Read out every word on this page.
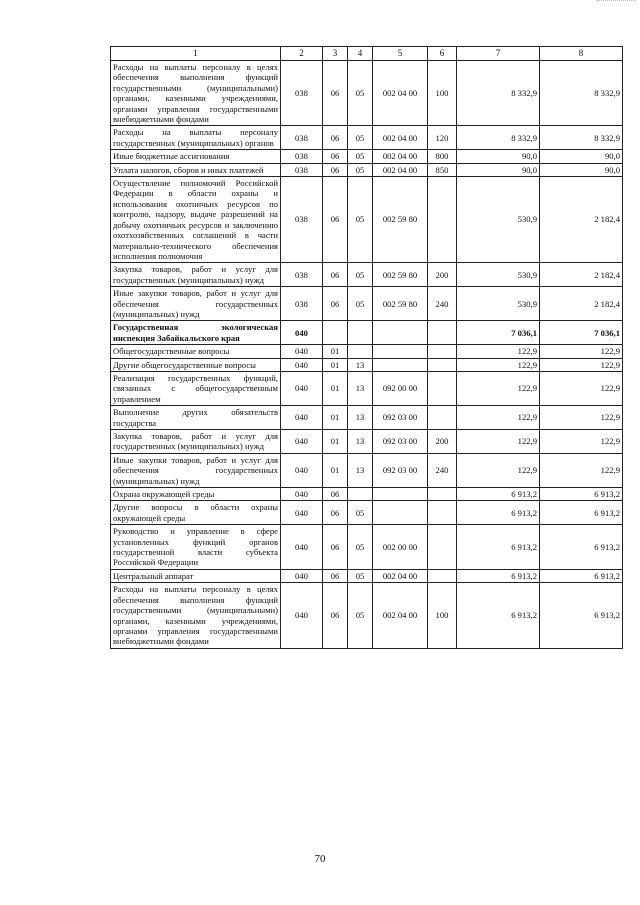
1	2	3	4	5	6	7	8
Расходы на выплаты персоналу в целях обеспечения выполнения функций государственными (муниципальными) органами, казенными учреждениями, органами управления государственными внебюджетными фондами	038	06	05	002 04 00	100	8 332,9	8 332,9
Расходы на выплаты персоналу государственных (муниципальных) органов	038	06	05	002 04 00	120	8 332,9	8 332,9
Иные бюджетные ассигнования	038	06	05	002 04 00	800	90,0	90,0
Уплата налогов, сборов и иных платежей	038	06	05	002 04 00	850	90,0	90,0
Осуществление полномочий Российской Федерации в области охраны и использования охотничьих ресурсов по контролю, надзору, выдаче разрешений на добычу охотничьих ресурсов и заключению охотхозяйственных соглашений в части материально-технического обеспечения исполнения полномочия	038	06	05	002 59 80		530,9	2 182,4
Закупка товаров, работ и услуг для государственных (муниципальных) нужд	038	06	05	002 59 80	200	530,9	2 182,4
Иные закупки товаров, работ и услуг для обеспечения государственных (муниципальных) нужд	038	06	05	002 59 80	240	530,9	2 182,4
Государственная экологическая инспекция Забайкальского края	040					7 036,1	7 036,1
Общегосударственные вопросы	040	01				122,9	122,9
Другие общегосударственные вопросы	040	01	13			122,9	122,9
Реализация государственных функций, связанных с общегосударственным управлением	040	01	13	092 00 00		122,9	122,9
Выполнение других обязательств государства	040	01	13	092 03 00		122,9	122,9
Закупка товаров, работ и услуг для государственных (муниципальных) нужд	040	01	13	092 03 00	200	122,9	122,9
Иные закупки товаров, работ и услуг для обеспечения государственных (муниципальных) нужд	040	01	13	092 03 00	240	122,9	122,9
Охрана окружающей среды	040	06				6 913,2	6 913,2
Другие вопросы в области охраны окружающей среды	040	06	05			6 913,2	6 913,2
Руководство и управление в сфере установленных функций органов государственной власти субъекта Российской Федерации	040	06	05	002 00 00		6 913,2	6 913,2
Центральный аппарат	040	06	05	002 04 00		6 913,2	6 913,2
Расходы на выплаты персоналу в целях обеспечения выполнения функций государственными (муниципальными) органами, казенными учреждениями, органами управления государственными внебюджетными фондами	040	06	05	002 04 00	100	6 913,2	6 913,2
70
